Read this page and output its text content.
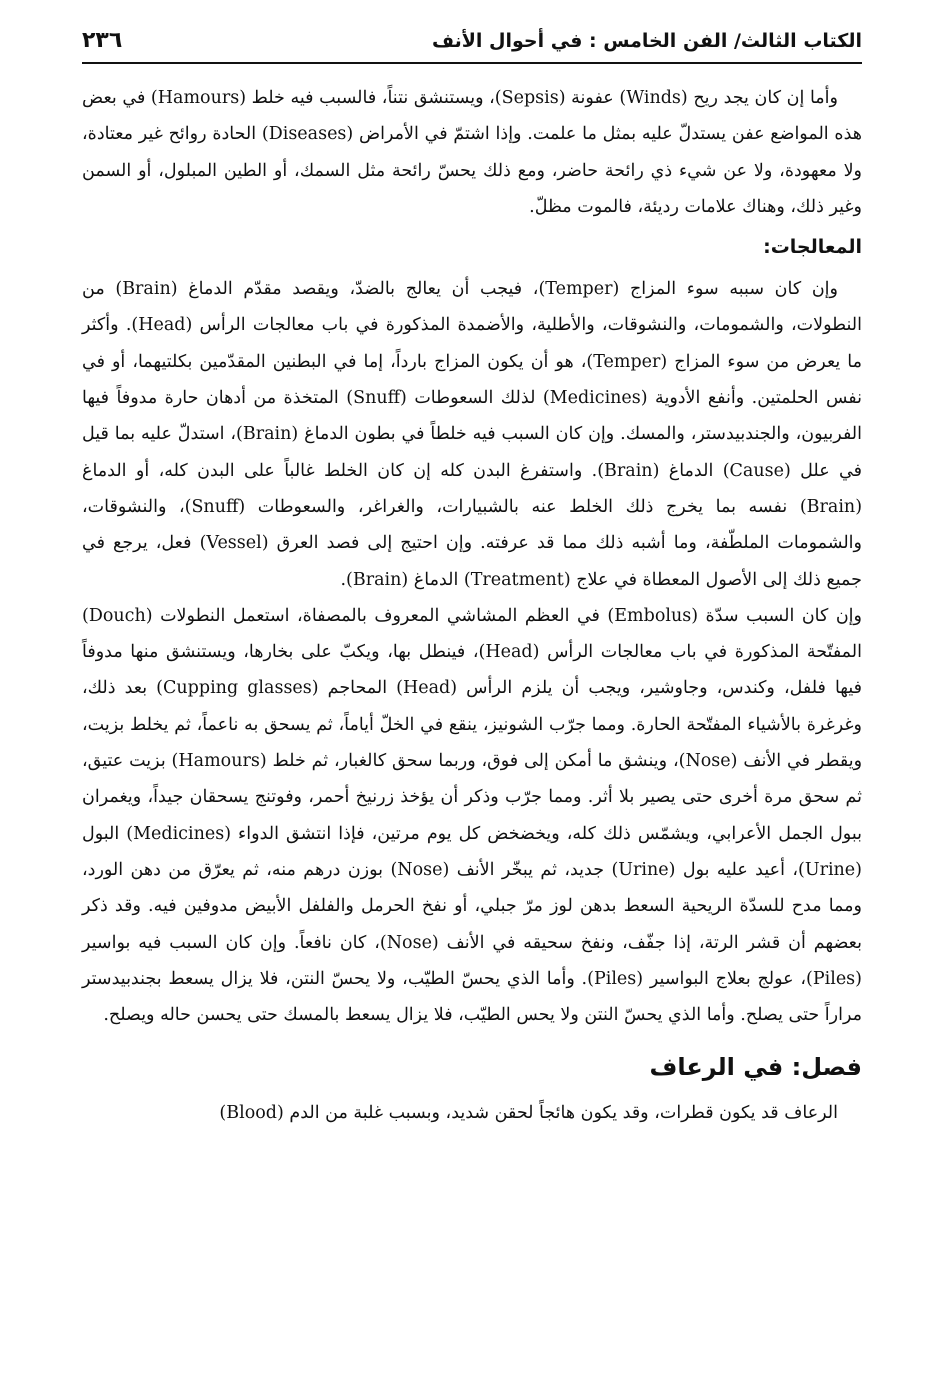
الكتاب الثالث/ الفن الخامس : في أحوال الأنف
٢٣٦

وأما إن كان يجد ريح (Winds) عفونة (Sepsis)، ويستنشق نتناً، فالسبب فيه خلط (Hamours) في بعض هذه المواضع عفن يستدلّ عليه بمثل ما علمت. وإذا اشتمّ في الأمراض (Diseases) الحادة روائح غير معتادة، ولا معهودة، ولا عن شيء ذي رائحة حاضر، ومع ذلك يحسّ رائحة مثل السمك، أو الطين المبلول، أو السمن وغير ذلك، وهناك علامات رديئة، فالموت مظلّ.

المعالجات:

وإن كان سببه سوء المزاج (Temper)، فيجب أن يعالج بالضدّ، ويقصد مقدّم الدماغ (Brain) من النطولات، والشمومات، والنشوقات، والأطلية، والأضمدة المذكورة في باب معالجات الرأس (Head). وأكثر ما يعرض من سوء المزاج (Temper)، هو أن يكون المزاج بارداً، إما في البطنين المقدّمين بكلتيهما، أو في نفس الحلمتين. وأنفع الأدوية (Medicines) لذلك السعوطات (Snuff) المتخذة من أدهان حارة مدوفاً فيها الفربيون، والجندبيدستر، والمسك. وإن كان السبب فيه خلطاً في بطون الدماغ (Brain)، استدلّ عليه بما قيل في علل (Cause) الدماغ (Brain). واستفرغ البدن كله إن كان الخلط غالباً على البدن كله، أو الدماغ (Brain) نفسه بما يخرج ذلك الخلط عنه بالشبيارات، والغراغر، والسعوطات (Snuff)، والنشوقات، والشمومات الملطّفة، وما أشبه ذلك مما قد عرفته. وإن احتيج إلى فصد العرق (Vessel) فعل، يرجع في جميع ذلك إلى الأصول المعطاة في علاج (Treatment) الدماغ (Brain).

وإن كان السبب سدّة (Embolus) في العظم المشاشي المعروف بالمصفاة، استعمل النطولات (Douch) المفتّحة المذكورة في باب معالجات الرأس (Head)، فينطل بها، ويكبّ على بخارها، ويستنشق منها مدوفاً فيها فلفل، وكندس، وجاوشير، ويجب أن يلزم الرأس (Head) المحاجم (Cupping glasses) بعد ذلك، وغرغرة بالأشياء المفتّحة الحارة. ومما جرّب الشونيز، ينقع في الخلّ أياماً، ثم يسحق به ناعماً، ثم يخلط بزيت، ويقطر في الأنف (Nose)، وينشق ما أمكن إلى فوق، وربما سحق كالغبار، ثم خلط (Hamours) بزيت عتيق، ثم سحق مرة أخرى حتى يصير بلا أثر. ومما جرّب وذكر أن يؤخذ زرنيخ أحمر، وفوتنج يسحقان جيداً، ويغمران ببول الجمل الأعرابي، ويشمّس ذلك كله، ويخضخض كل يوم مرتين، فإذا انتشق الدواء (Medicines) البول (Urine)، أعيد عليه بول (Urine) جديد، ثم يبخّر الأنف (Nose) بوزن درهم منه، ثم يعرّق من دهن الورد، ومما مدح للسدّة الريحية السعط بدهن لوز مرّ جبلي، أو نفخ الحرمل والفلفل الأبيض مدوفين فيه. وقد ذكر بعضهم أن قشر الرتة، إذا جفّف، ونفخ سحيقه في الأنف (Nose)، كان نافعاً. وإن كان السبب فيه بواسير (Piles)، عولج بعلاج البواسير (Piles). وأما الذي يحسّ الطيّب، ولا يحسّ النتن، فلا يزال يسعط بجندبيدستر مراراً حتى يصلح. وأما الذي يحسّ النتن ولا يحس الطيّب، فلا يزال يسعط بالمسك حتى يحسن حاله ويصلح.

فصل: في الرعاف

الرعاف قد يكون قطرات، وقد يكون هائجاً لحقن شديد، وبسبب غلبة من الدم (Blood)
